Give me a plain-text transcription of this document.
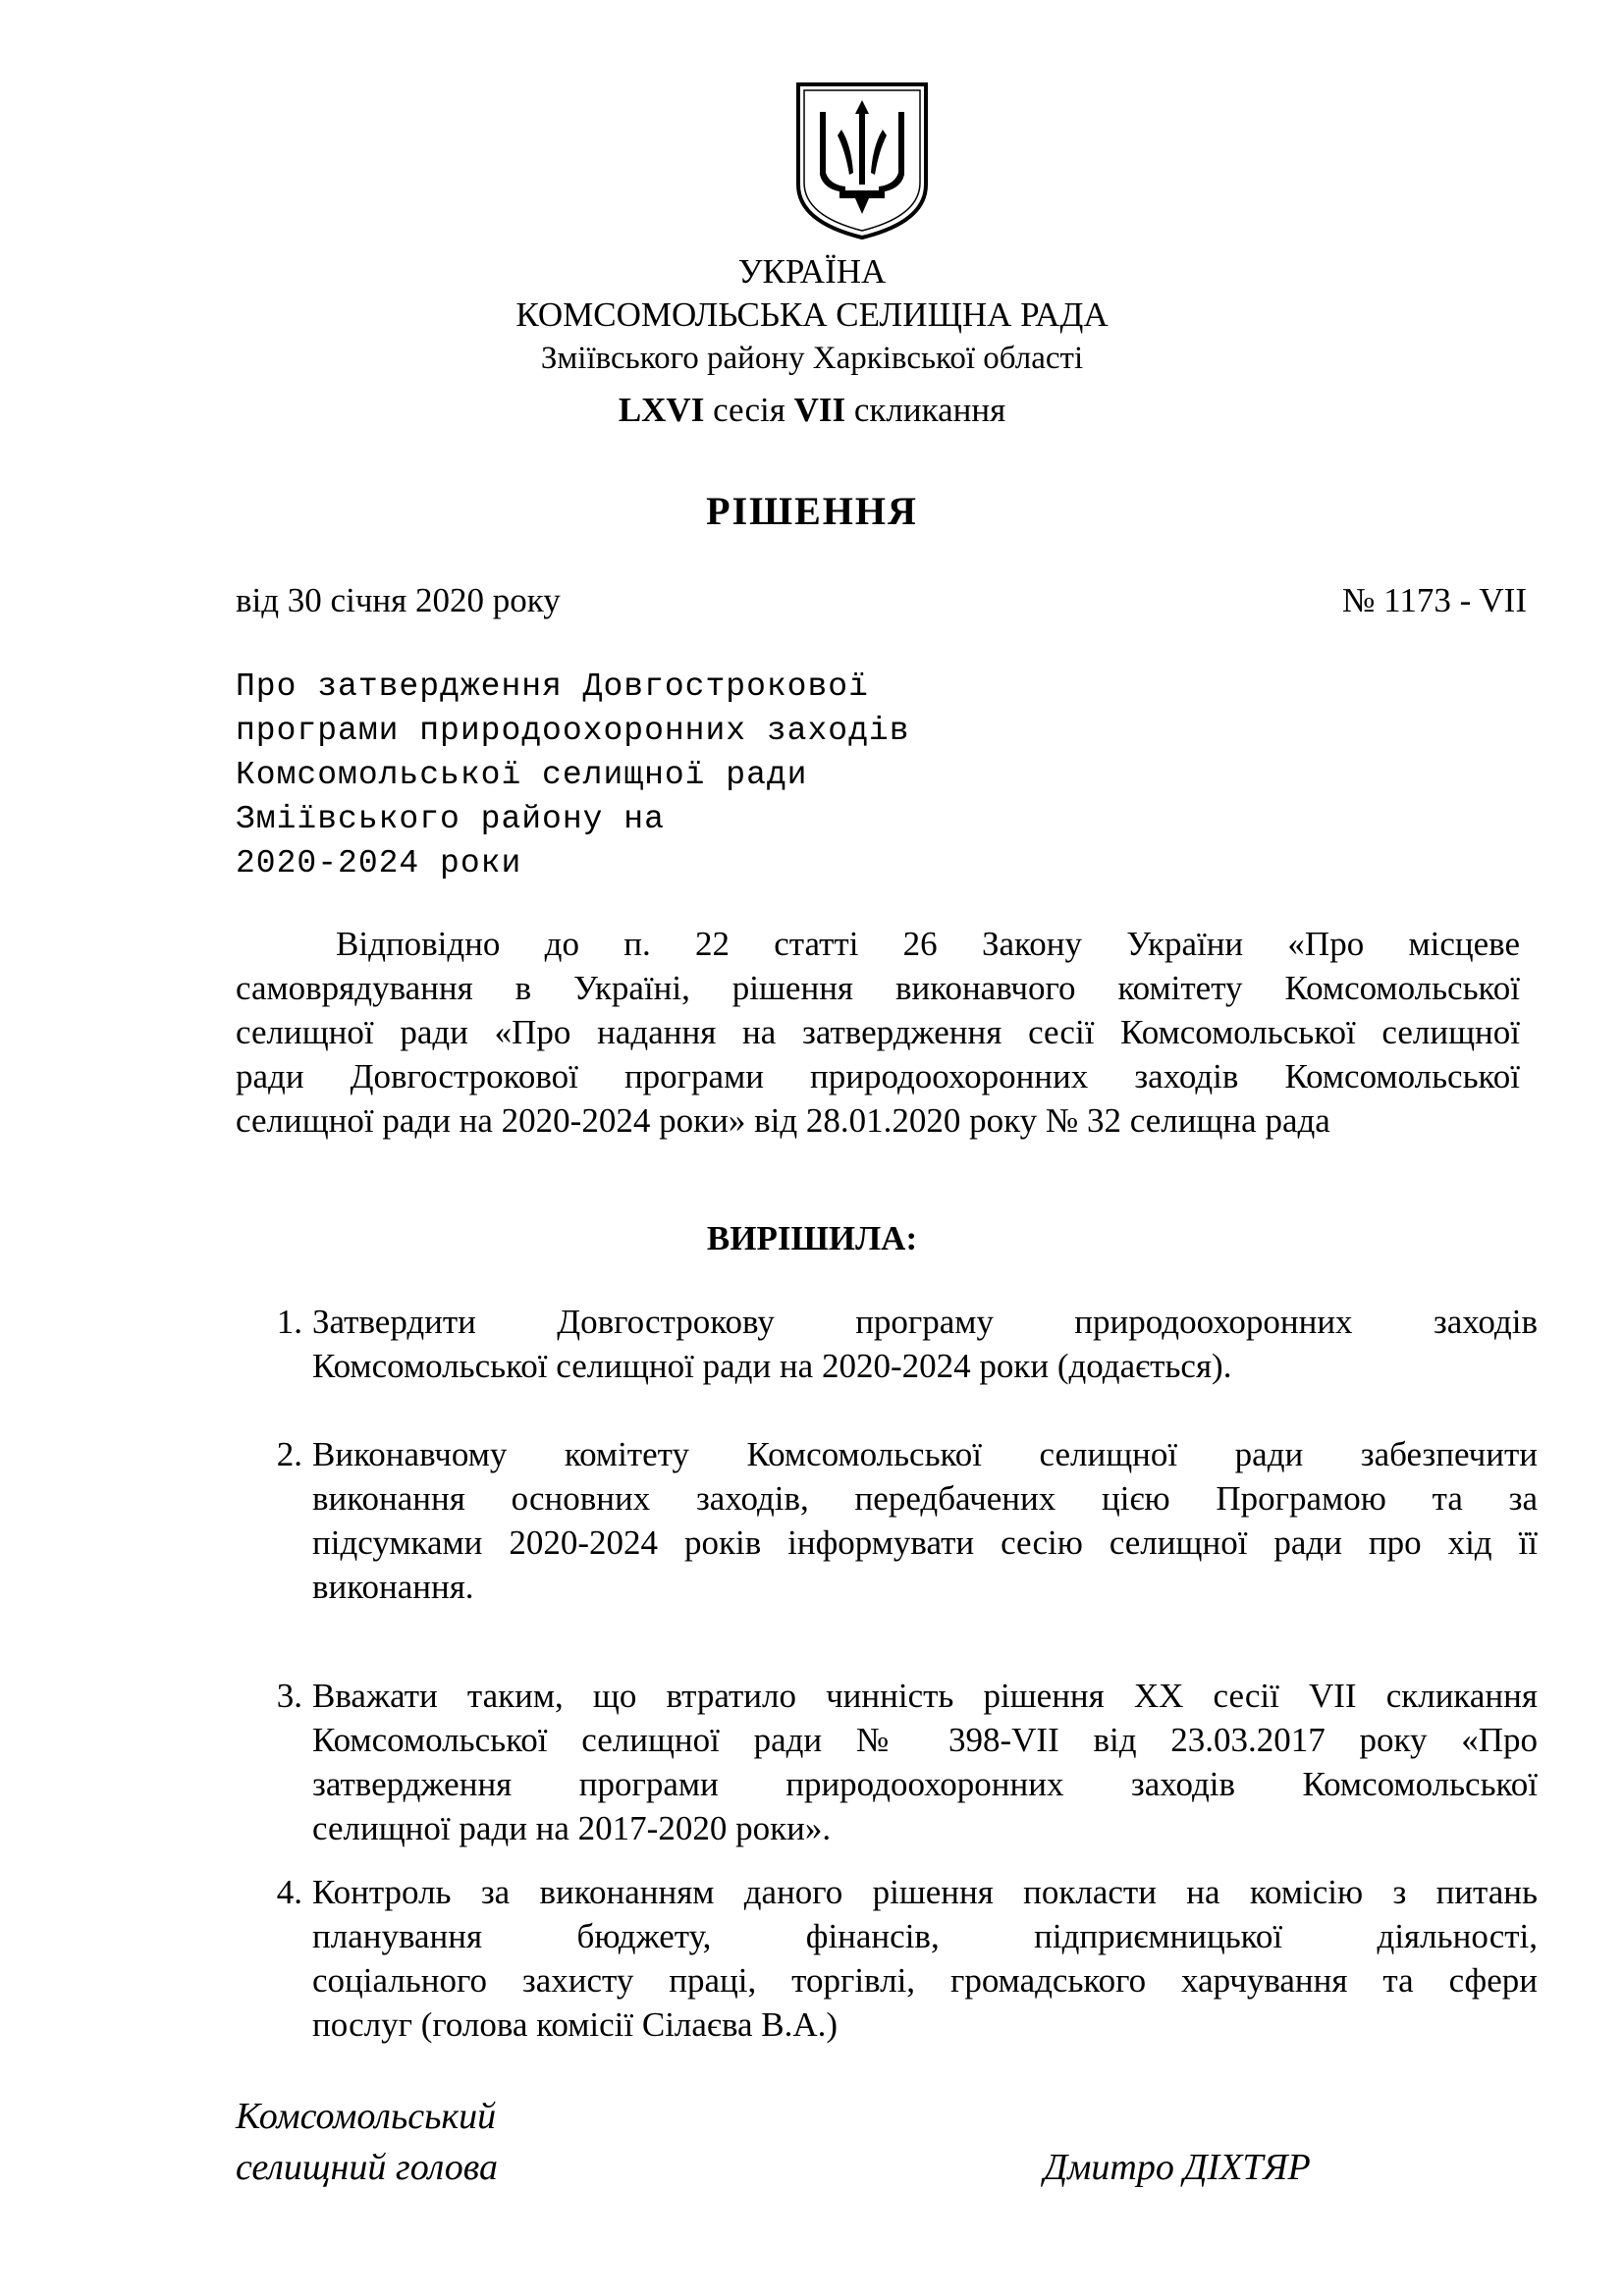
УКРАЇНА
КОМСОМОЛЬСЬКА СЕЛИЩНА РАДА
Зміївського району Харківської області
LXVI сесія VII скликання
РІШЕННЯ
від 30 січня 2020 року	№ 1173 - VII
Про затвердження Довгострокової
програми природоохоронних заходів
Комсомольської селищної ради
Зміївського району на
2020-2024 роки
Відповідно до п. 22 статті 26 Закону України «Про місцеве
самоврядування в Україні, рішення виконавчого комітету Комсомольської
селищної ради «Про надання на затвердження сесії Комсомольської селищної
ради Довгострокової програми природоохоронних заходів Комсомольської
селищної ради на 2020-2024 роки» від 28.01.2020 року № 32 селищна рада
ВИРІШИЛА:
1. Затвердити Довгострокову програму природоохоронних заходів
Комсомольської селищної ради на 2020-2024 роки (додається).
2. Виконавчому комітету Комсомольської селищної ради забезпечити
виконання основних заходів, передбачених цією Програмою та за
підсумками 2020-2024 років інформувати сесію селищної ради про хід її
виконання.
3. Вважати таким, що втратило чинність рішення XX сесії VII скликання
Комсомольської селищної ради № 398-VII від 23.03.2017 року «Про
затвердження програми природоохоронних заходів Комсомольської
селищної ради на 2017-2020 роки».
4. Контроль за виконанням даного рішення покласти на комісію з питань
планування бюджету, фінансів, підприємницької діяльності,
соціального захисту праці, торгівлі, громадського харчування та сфери
послуг (голова комісії Сілаєва В.А.)
Комсомольський
селищний голова	Дмитро ДІХТЯР
